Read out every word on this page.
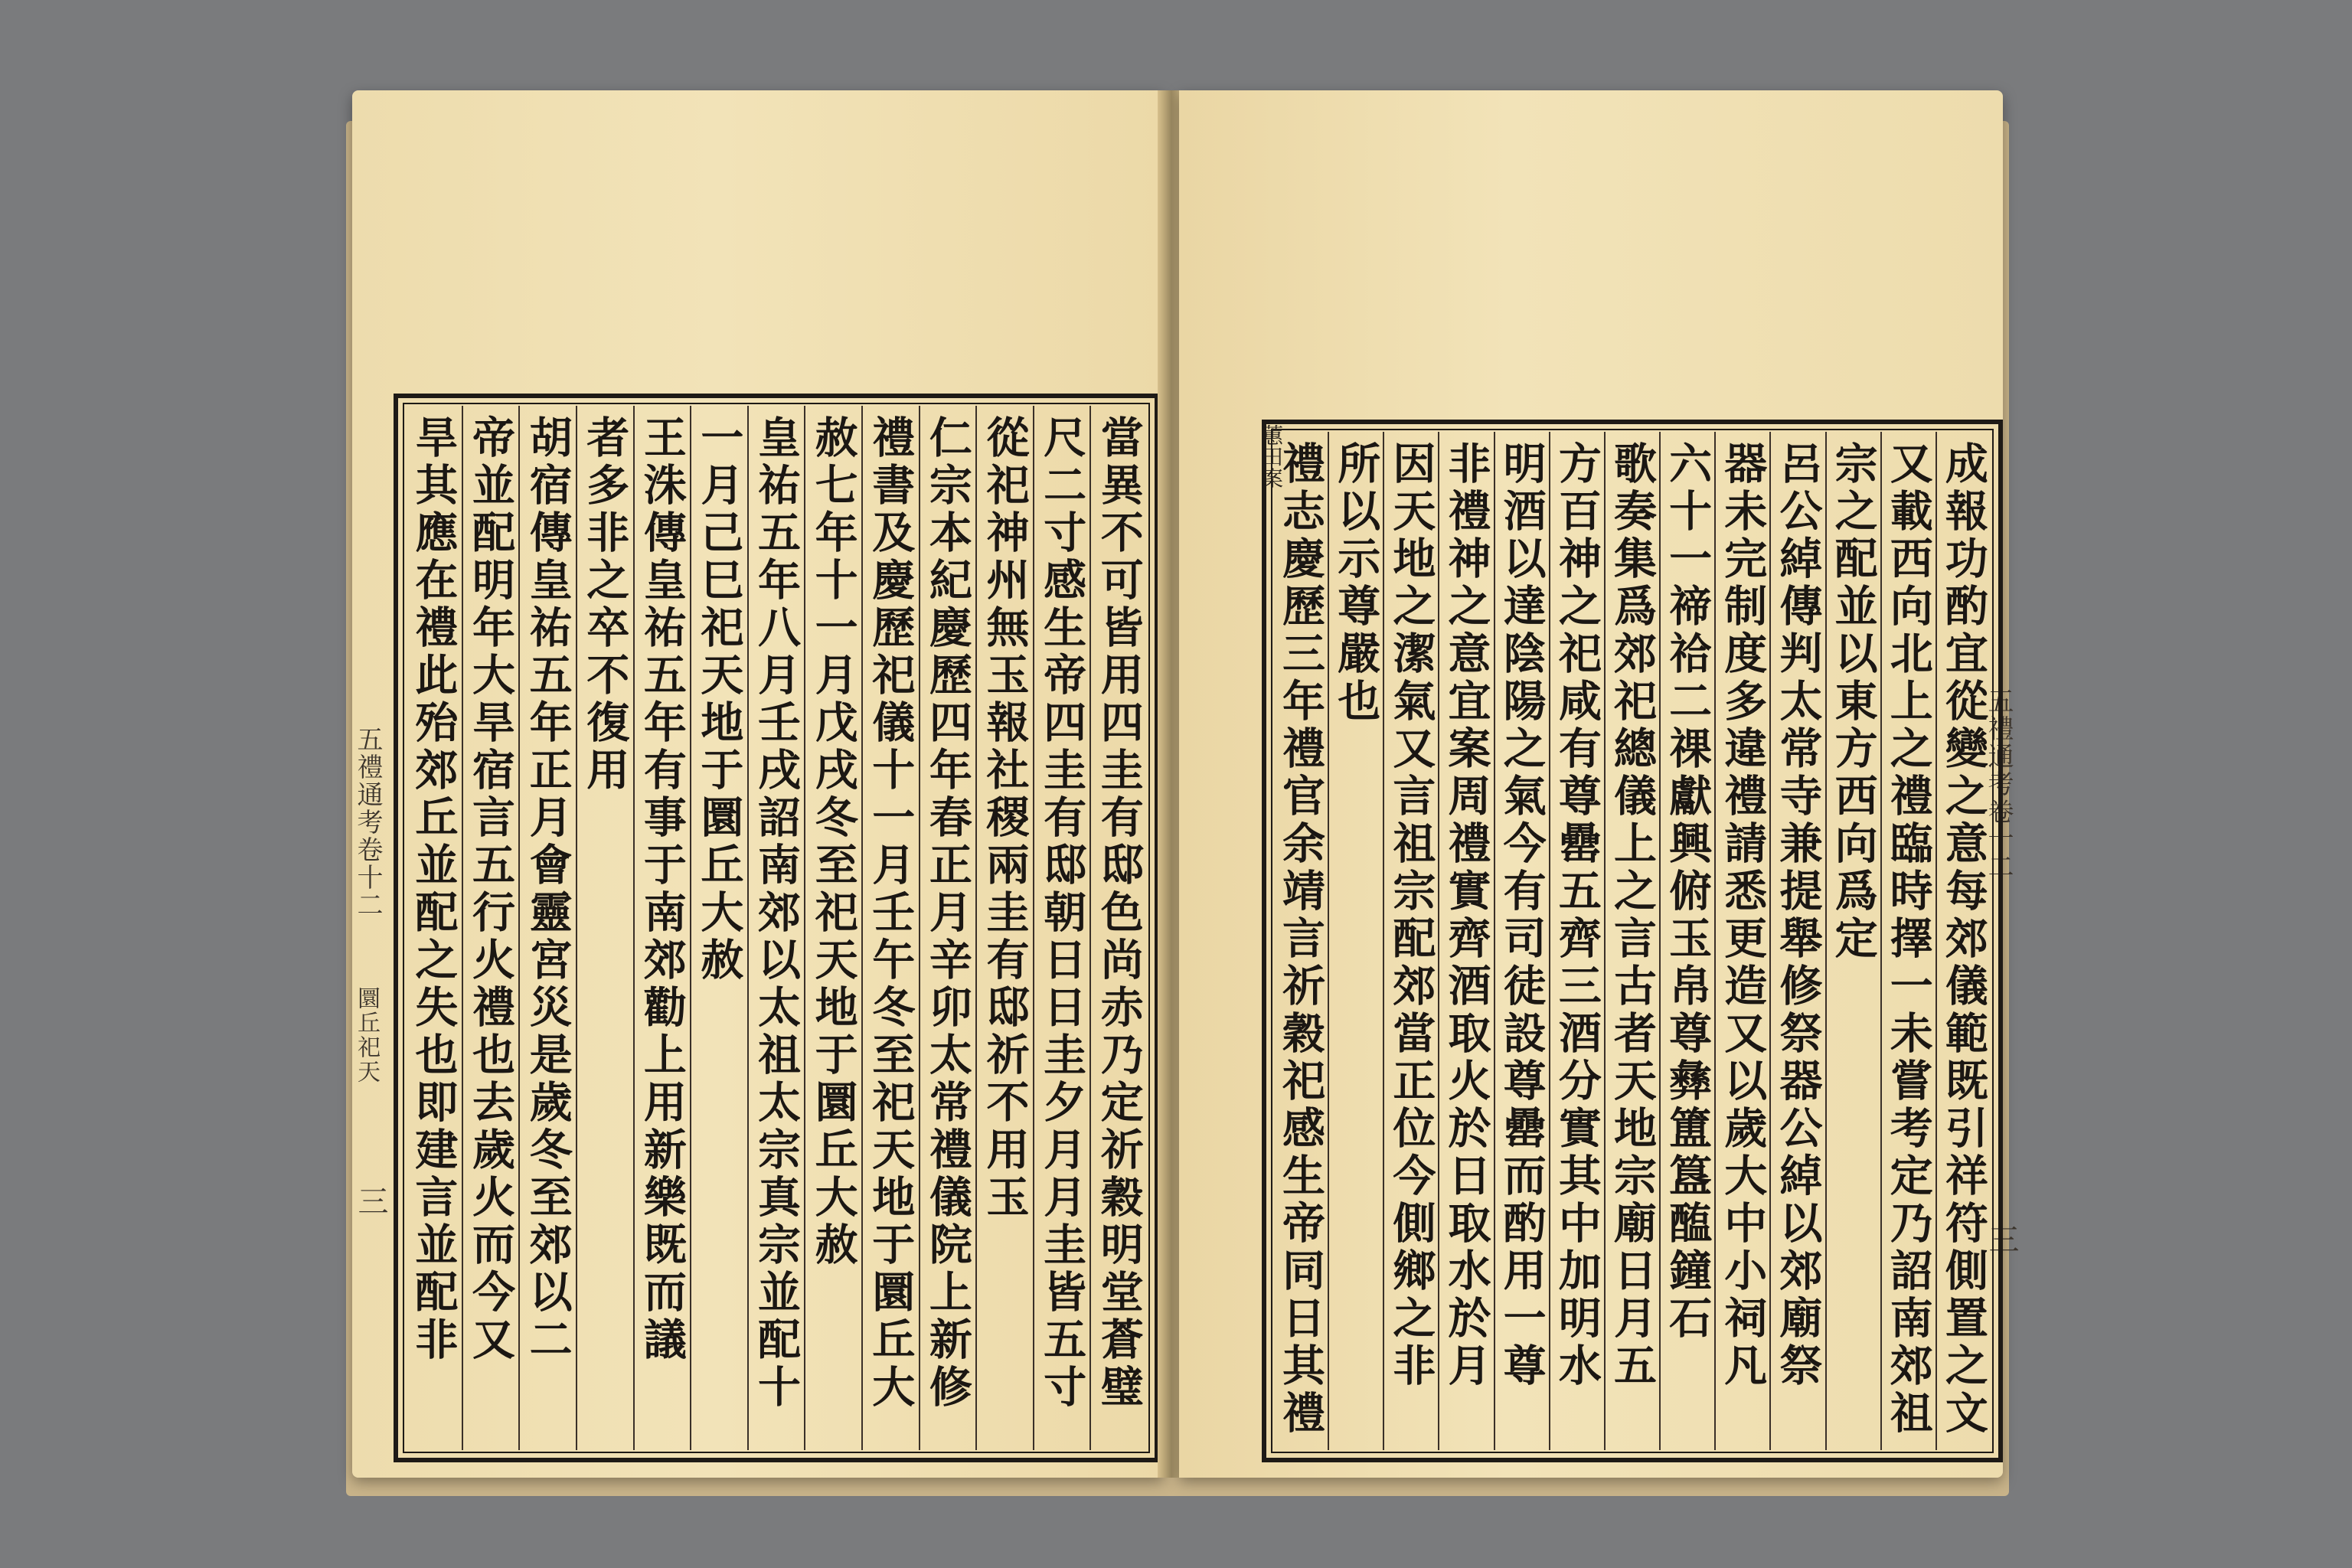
五禮通考卷十二
圜丘祀天
三	當異不可皆用四圭有邸色尚赤乃定祈穀明堂蒼璧
尺二寸感生帝四圭有邸朝日日圭夕月月圭皆五寸
從祀神州無玉報社稷兩圭有邸祈不用玉
仁宗本紀慶歷四年春正月辛卯太常禮儀院上新修
禮書及慶歷祀儀十一月壬午冬至祀天地于圜丘大
赦七年十一月戊戌冬至祀天地于圜丘大赦
皇祐五年八月壬戌詔南郊以太祖太宗真宗並配十
一月己巳祀天地于圜丘大赦
王洙傳皇祐五年有事于南郊勸上用新樂既而議
者多非之卒不復用
胡宿傳皇祐五年正月會靈宮災是歲冬至郊以二
帝並配明年大旱宿言五行火禮也去歲火而今又
旱其應在禮此殆郊丘並配之失也即建言並配非	蕙田案
五禮通考卷十二
三
成報功酌宜從變之意每郊儀範既引祥符側置之文
又載西向北上之禮臨時擇一未嘗考定乃詔南郊祖
宗之配並以東方西向爲定
呂公綽傳判太常寺兼提舉修祭器公綽以郊廟祭
器未完制度多違禮請悉更造又以歲大中小祠凡
六十一禘祫二祼獻興俯玉帛尊彝簠簋醢鐘石
歌奏集爲郊祀總儀上之言古者天地宗廟日月五
方百神之祀咸有尊罍五齊三酒分實其中加明水
明酒以達陰陽之氣今有司徒設尊罍而酌用一尊
非禮神之意宜案周禮實齊酒取火於日取水於月
因天地之潔氣又言祖宗配郊當正位今側鄉之非
所以示尊嚴也
禮志慶歷三年禮官余靖言祈穀祀感生帝同日其禮
